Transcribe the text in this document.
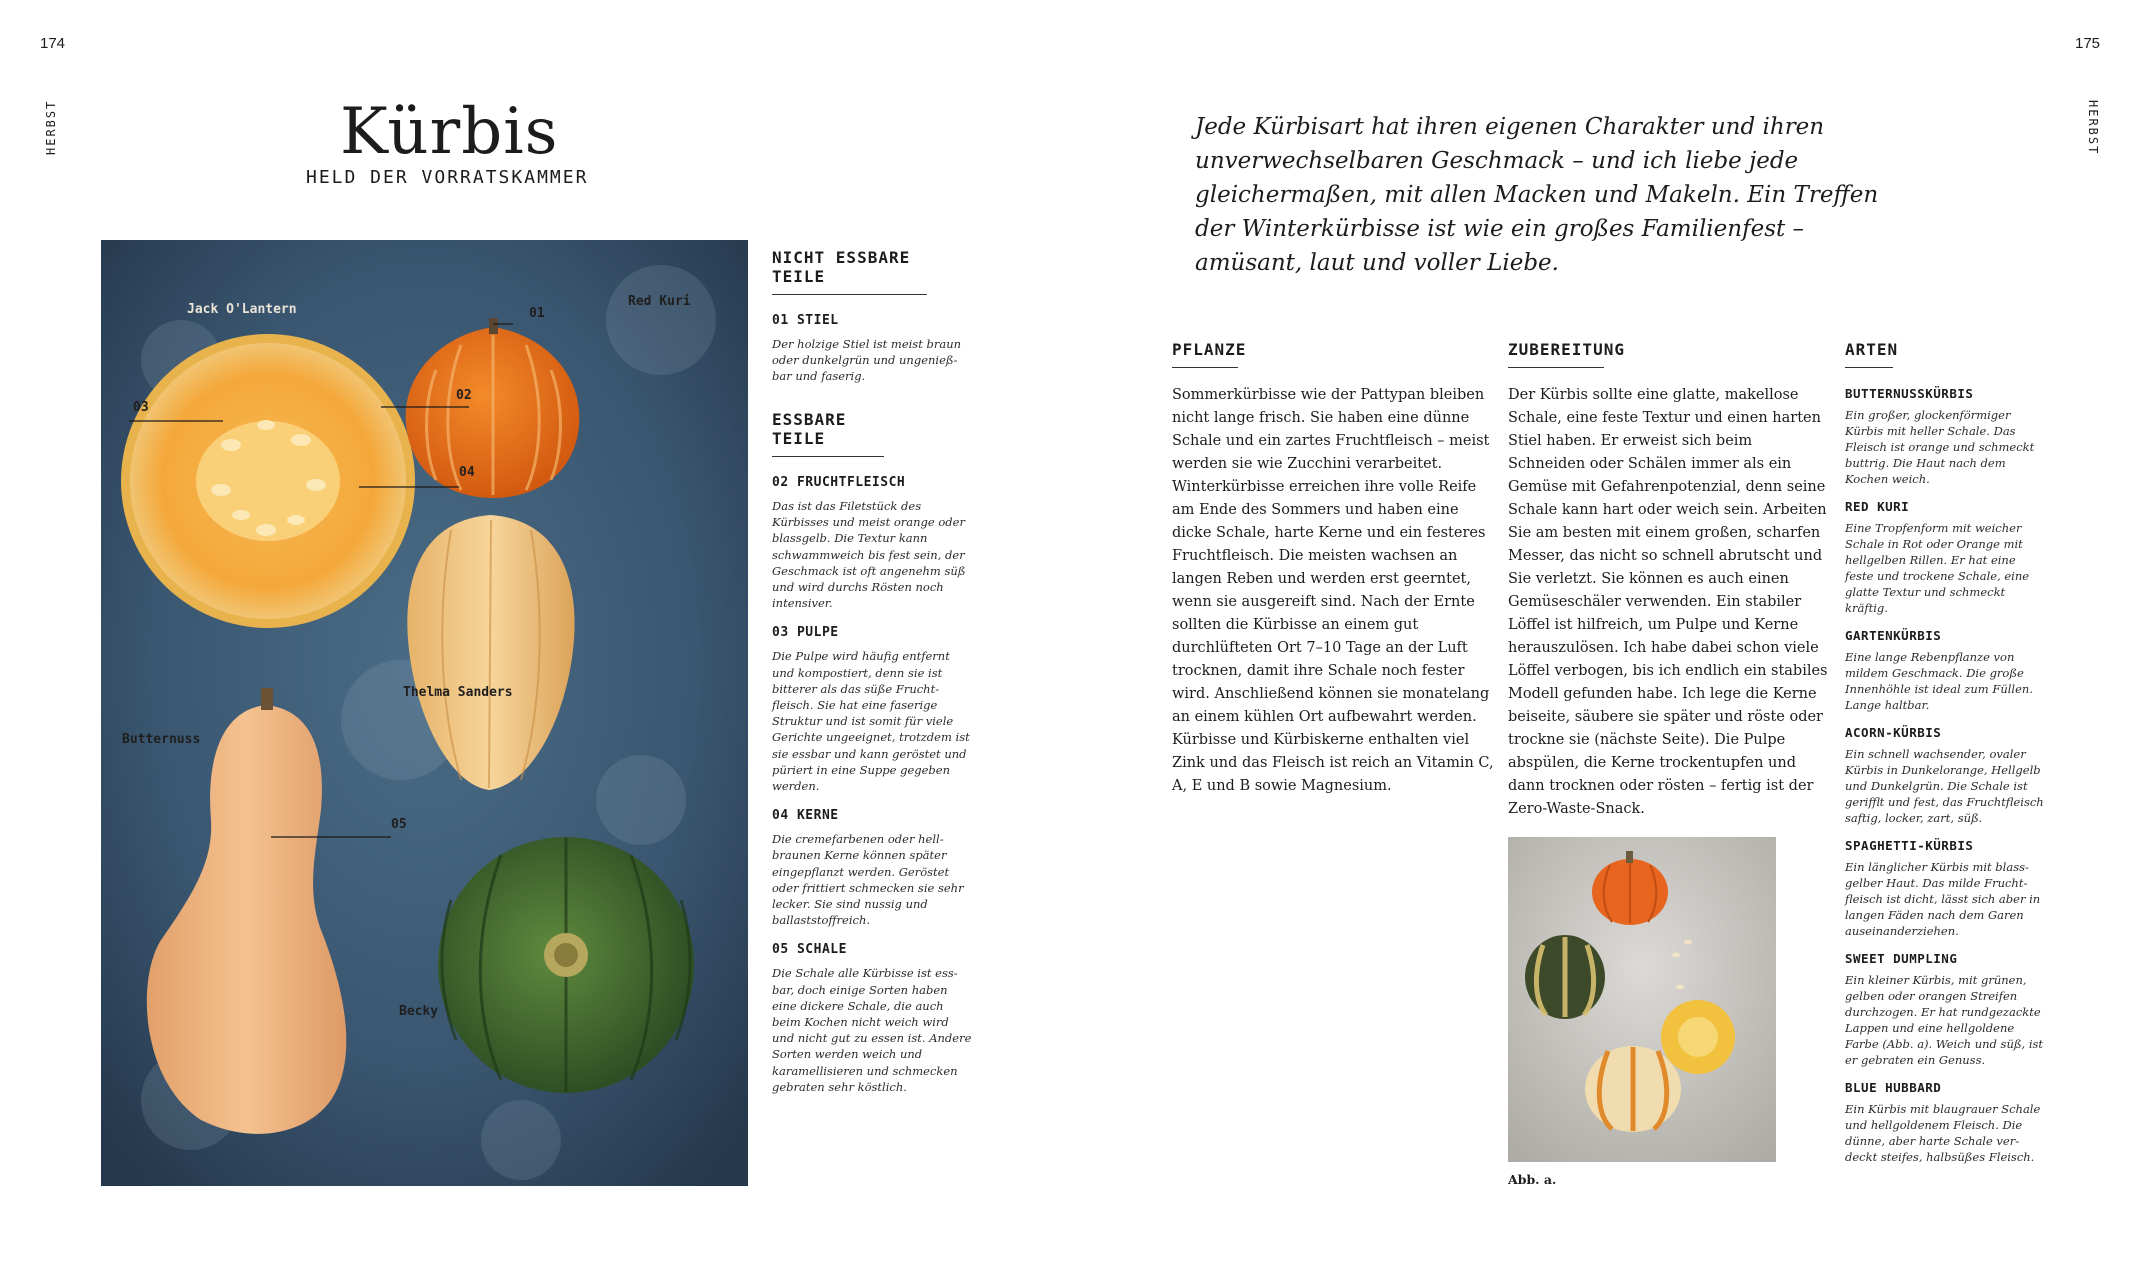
174	175
HERBST	HERBST
Kürbis
HELD DER VORRATSKAMMER
Jack O'Lantern
Red Kuri
Thelma Sanders
Butternuss
Becky
01
02
03
04
05
NICHT ESSBARE TEILE
01 STIEL
Der holzige Stiel ist meist braun oder dunkelgrün und ungenießbar und faserig.
ESSBARE TEILE
02 FRUCHTFLEISCH
Das ist das Filetstück des Kürbisses und meist orange oder blassgelb. Die Textur kann schwammweich bis fest sein, der Geschmack ist oft angenehm süß und wird durchs Rösten noch intensiver.
03 PULPE
Die Pulpe wird häufig entfernt und kompostiert, denn sie ist bitterer als das süße Fruchtfleisch. Sie hat eine faserige Struktur und ist somit für viele Gerichte ungeeignet, trotzdem ist sie essbar und kann geröstet und püriert in eine Suppe gegeben werden.
04 KERNE
Die cremefarbenen oder hellbraunen Kerne können später eingepflanzt werden. Geröstet oder frittiert schmecken sie sehr lecker. Sie sind nussig und ballaststoffreich.
05 SCHALE
Die Schale alle Kürbisse ist essbar, doch einige Sorten haben eine dickere Schale, die auch beim Kochen nicht weich wird und nicht gut zu essen ist. Andere Sorten werden weich und karamellisieren und schmecken gebraten sehr köstlich.
Jede Kürbisart hat ihren eigenen Charakter und ihren unverwechselbaren Geschmack – und ich liebe jede gleichermaßen, mit allen Macken und Makeln. Ein Treffen der Winterkürbisse ist wie ein großes Familienfest – amüsant, laut und voller Liebe.
PFLANZE
Sommerkürbisse wie der Pattypan bleiben nicht lange frisch. Sie haben eine dünne Schale und ein zartes Fruchtfleisch – meist werden sie wie Zucchini verarbeitet. Winterkürbisse erreichen ihre volle Reife am Ende des Sommers und haben eine dicke Schale, harte Kerne und ein festeres Fruchtfleisch. Die meisten wachsen an langen Reben und werden erst geerntet, wenn sie ausgereift sind. Nach der Ernte sollten die Kürbisse an einem gut durchlüfteten Ort 7–10 Tage an der Luft trocknen, damit ihre Schale noch fester wird. Anschließend können sie monatelang an einem kühlen Ort aufbewahrt werden. Kürbisse und Kürbiskerne enthalten viel Zink und das Fleisch ist reich an Vitamin C, A, E und B sowie Magnesium.
ZUBEREITUNG
Der Kürbis sollte eine glatte, makellose Schale, eine feste Textur und einen harten Stiel haben. Er erweist sich beim Schneiden oder Schälen immer als ein Gemüse mit Gefahrenpotenzial, denn seine Schale kann hart oder weich sein. Arbeiten Sie am besten mit einem großen, scharfen Messer, das nicht so schnell abrutscht und Sie verletzt. Sie können es auch einen Gemüseschäler verwenden. Ein stabiler Löffel ist hilfreich, um Pulpe und Kerne herauszulösen. Ich habe dabei schon viele Löffel verbogen, bis ich endlich ein stabiles Modell gefunden habe. Ich lege die Kerne beiseite, säubere sie später und röste oder trockne sie (nächste Seite). Die Pulpe abspülen, die Kerne trockentupfen und dann trocknen oder rösten – fertig ist der Zero-Waste-Snack.
Abb. a.
ARTEN
BUTTERNUSSKÜRBIS
Ein großer, glockenförmiger Kürbis mit heller Schale. Das Fleisch ist orange und schmeckt buttrig. Die Haut nach dem Kochen weich.
RED KURI
Eine Tropfenform mit weicher Schale in Rot oder Orange mit hellgelben Rillen. Er hat eine feste und trockene Schale, eine glatte Textur und schmeckt kräftig.
GARTENKÜRBIS
Eine lange Rebenpflanze von mildem Geschmack. Die große Innenhöhle ist ideal zum Füllen. Lange haltbar.
ACORN-KÜRBIS
Ein schnell wachsender, ovaler Kürbis in Dunkelorange, Hellgelb und Dunkelgrün. Die Schale ist gerifflt und fest, das Fruchtfleisch saftig, locker, zart, süß.
SPAGHETTI-KÜRBIS
Ein länglicher Kürbis mit blassgelber Haut. Das milde Fruchtfleisch ist dicht, lässt sich aber in langen Fäden nach dem Garen auseinanderziehen.
SWEET DUMPLING
Ein kleiner Kürbis, mit grünen, gelben oder orangen Streifen durchzogen. Er hat rundgezackte Lappen und eine hellgoldene Farbe (Abb. a). Weich und süß, ist er gebraten ein Genuss.
BLUE HUBBARD
Ein Kürbis mit blaugrauer Schale und hellgoldenem Fleisch. Die dünne, aber harte Schale verdeckt steifes, halbsüßes Fleisch.
